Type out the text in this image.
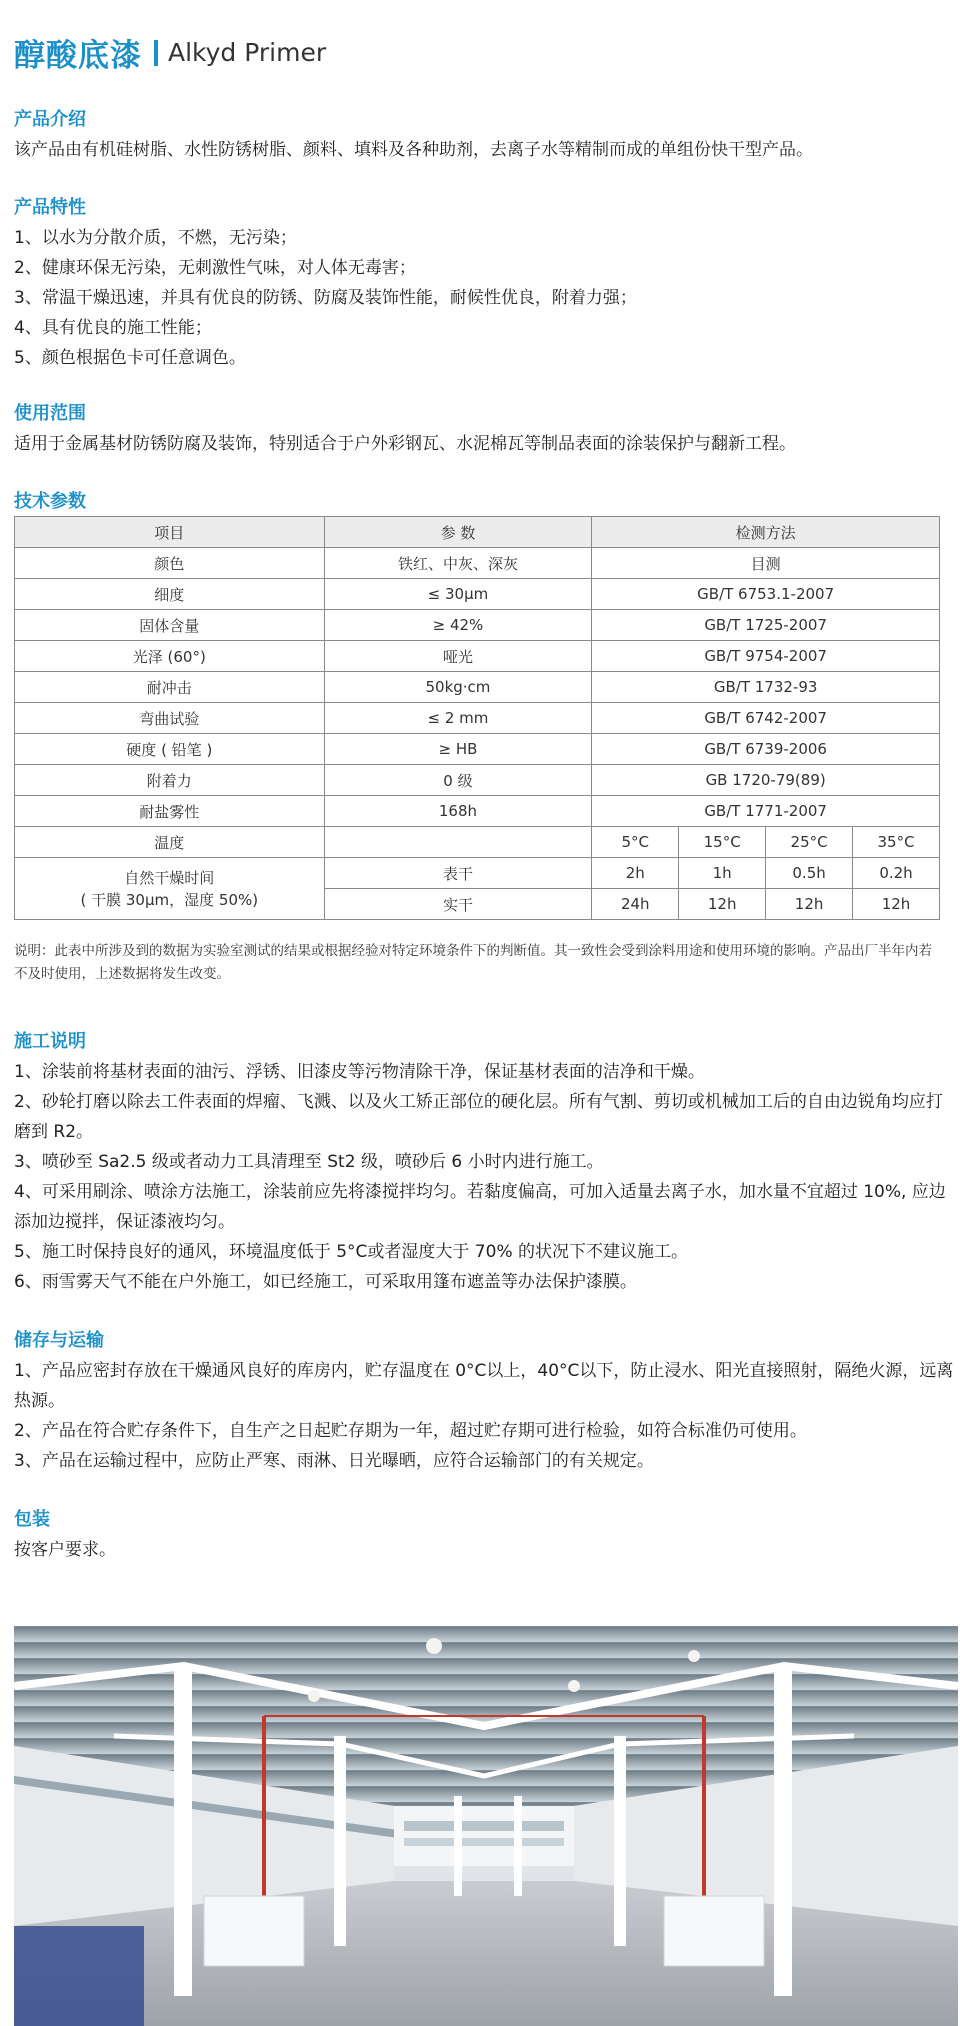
醇酸底漆 Alkyd Primer
产品介绍

该产品由有机硅树脂、水性防锈树脂、颜料、填料及各种助剂，去离子水等精制而成的单组份快干型产品。

产品特性

1、以水为分散介质，不燃，无污染；

2、健康环保无污染，无刺激性气味，对人体无毒害；

3、常温干燥迅速，并具有优良的防锈、防腐及装饰性能，耐候性优良，附着力强；

4、具有优良的施工性能；

5、颜色根据色卡可任意调色。

使用范围

适用于金属基材防锈防腐及装饰，特别适合于户外彩钢瓦、水泥棉瓦等制品表面的涂装保护与翻新工程。

技术参数
项目	参 数	检测方法			
颜色	铁红、中灰、深灰	目测			
细度	≤ 30μm	GB/T 6753.1-2007			
固体含量	≥ 42%	GB/T 1725-2007			
光泽 (60°)	哑光	GB/T 9754-2007			
耐冲击	50kg·cm	GB/T 1732-93			
弯曲试验	≤ 2 mm	GB/T 6742-2007			
硬度 ( 铅笔 )	≥ HB	GB/T 6739-2006			
附着力	0 级	GB 1720-79(89)			
耐盐雾性	168h	GB/T 1771-2007			
温度		5°C	15°C	25°C	35°C

自然干燥时间
( 干膜 30μm，湿度 50%)	表干	2h	1h	0.5h	0.2h
	实干	24h	12h	12h	12h
说明：此表中所涉及到的数据为实验室测试的结果或根据经验对特定环境条件下的判断值。其一致性会受到涂料用途和使用环境的影响。产品出厂半年内若不及时使用，上述数据将发生改变。
施工说明

1、涂装前将基材表面的油污、浮锈、旧漆皮等污物清除干净，保证基材表面的洁净和干燥。

2、砂轮打磨以除去工件表面的焊瘤、飞溅、以及火工矫正部位的硬化层。所有气割、剪切或机械加工后的自由边锐角均应打磨到 R2。

3、喷砂至 Sa2.5 级或者动力工具清理至 St2 级，喷砂后 6 小时内进行施工。

4、可采用刷涂、喷涂方法施工，涂装前应先将漆搅拌均匀。若黏度偏高，可加入适量去离子水，加水量不宜超过 10%, 应边添加边搅拌，保证漆液均匀。

5、施工时保持良好的通风，环境温度低于 5°C或者湿度大于 70% 的状况下不建议施工。

6、雨雪雾天气不能在户外施工，如已经施工，可采取用篷布遮盖等办法保护漆膜。

储存与运输

1、产品应密封存放在干燥通风良好的库房内，贮存温度在 0°C以上，40°C以下，防止浸水、阳光直接照射，隔绝火源，远离热源。

2、产品在符合贮存条件下，自生产之日起贮存期为一年，超过贮存期可进行检验，如符合标准仍可使用。

3、产品在运输过程中，应防止严寒、雨淋、日光曝晒，应符合运输部门的有关规定。

包装

按客户要求。
